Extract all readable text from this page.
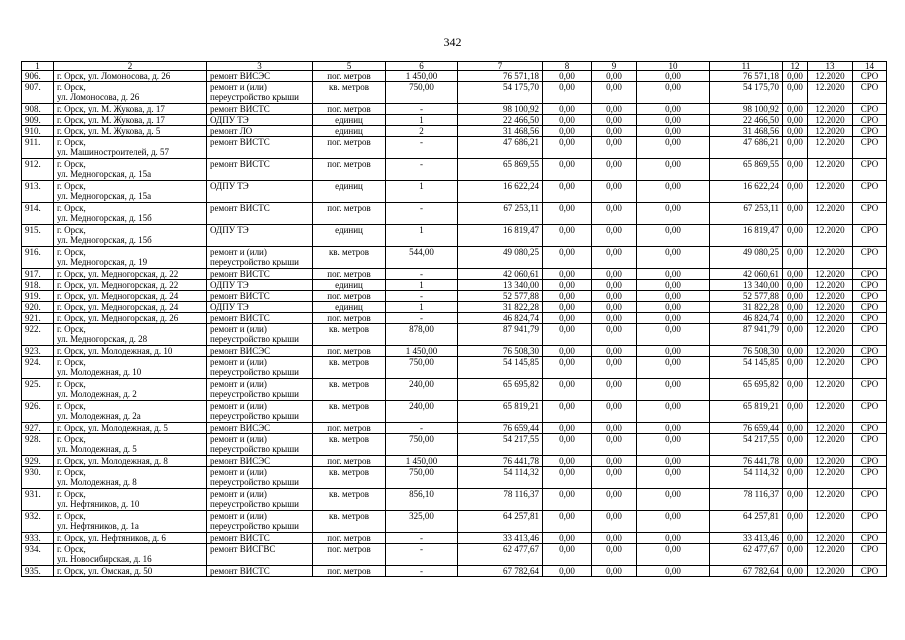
342
1	2	3	5	6	7	8	9	10	11	12	13	14
906.	г. Орск, ул. Ломоносова, д. 26	ремонт ВИСЭС	пог. метров	1 450,00	76 571,18	0,00	0,00	0,00	76 571,18	0,00	12.2020	СРО
907.	г. Орск,
ул. Ломоносова, д. 26	ремонт и (или)
переустройство крыши	кв. метров	750,00	54 175,70	0,00	0,00	0,00	54 175,70	0,00	12.2020	СРО
908.	г. Орск, ул. М. Жукова, д. 17	ремонт ВИСТС	пог. метров	-	98 100,92	0,00	0,00	0,00	98 100,92	0,00	12.2020	СРО
909.	г. Орск, ул. М. Жукова, д. 17	ОДПУ ТЭ	единиц	1	22 466,50	0,00	0,00	0,00	22 466,50	0,00	12.2020	СРО
910.	г. Орск, ул. М. Жукова, д. 5	ремонт ЛО	единиц	2	31 468,56	0,00	0,00	0,00	31 468,56	0,00	12.2020	СРО
911.	г. Орск,
ул. Машиностроителей, д. 57	ремонт ВИСТС	пог. метров	-	47 686,21	0,00	0,00	0,00	47 686,21	0,00	12.2020	СРО
912.	г. Орск,
ул. Медногорская, д. 15а	ремонт ВИСТС	пог. метров	-	65 869,55	0,00	0,00	0,00	65 869,55	0,00	12.2020	СРО
913.	г. Орск,
ул. Медногорская, д. 15а	ОДПУ ТЭ	единиц	1	16 622,24	0,00	0,00	0,00	16 622,24	0,00	12.2020	СРО
914.	г. Орск,
ул. Медногорская, д. 15б	ремонт ВИСТС	пог. метров	-	67 253,11	0,00	0,00	0,00	67 253,11	0,00	12.2020	СРО
915.	г. Орск,
ул. Медногорская, д. 15б	ОДПУ ТЭ	единиц	1	16 819,47	0,00	0,00	0,00	16 819,47	0,00	12.2020	СРО
916.	г. Орск,
ул. Медногорская, д. 19	ремонт и (или)
переустройство крыши	кв. метров	544,00	49 080,25	0,00	0,00	0,00	49 080,25	0,00	12.2020	СРО
917.	г. Орск, ул. Медногорская, д. 22	ремонт ВИСТС	пог. метров	-	42 060,61	0,00	0,00	0,00	42 060,61	0,00	12.2020	СРО
918.	г. Орск, ул. Медногорская, д. 22	ОДПУ ТЭ	единиц	1	13 340,00	0,00	0,00	0,00	13 340,00	0,00	12.2020	СРО
919.	г. Орск, ул. Медногорская, д. 24	ремонт ВИСТС	пог. метров	-	52 577,88	0,00	0,00	0,00	52 577,88	0,00	12.2020	СРО
920.	г. Орск, ул. Медногорская, д. 24	ОДПУ ТЭ	единиц	1	31 822,28	0,00	0,00	0,00	31 822,28	0,00	12.2020	СРО
921.	г. Орск, ул. Медногорская, д. 26	ремонт ВИСТС	пог. метров	-	46 824,74	0,00	0,00	0,00	46 824,74	0,00	12.2020	СРО
922.	г. Орск,
ул. Медногорская, д. 28	ремонт и (или)
переустройство крыши	кв. метров	878,00	87 941,79	0,00	0,00	0,00	87 941,79	0,00	12.2020	СРО
923.	г. Орск, ул. Молодежная, д. 10	ремонт ВИСЭС	пог. метров	1 450,00	76 508,30	0,00	0,00	0,00	76 508,30	0,00	12.2020	СРО
924.	г. Орск,
ул. Молодежная, д. 10	ремонт и (или)
переустройство крыши	кв. метров	750,00	54 145,85	0,00	0,00	0,00	54 145,85	0,00	12.2020	СРО
925.	г. Орск,
ул. Молодежная, д. 2	ремонт и (или)
переустройство крыши	кв. метров	240,00	65 695,82	0,00	0,00	0,00	65 695,82	0,00	12.2020	СРО
926.	г. Орск,
ул. Молодежная, д. 2а	ремонт и (или)
переустройство крыши	кв. метров	240,00	65 819,21	0,00	0,00	0,00	65 819,21	0,00	12.2020	СРО
927.	г. Орск, ул. Молодежная, д. 5	ремонт ВИСЭС	пог. метров	-	76 659,44	0,00	0,00	0,00	76 659,44	0,00	12.2020	СРО
928.	г. Орск,
ул. Молодежная, д. 5	ремонт и (или)
переустройство крыши	кв. метров	750,00	54 217,55	0,00	0,00	0,00	54 217,55	0,00	12.2020	СРО
929.	г. Орск, ул. Молодежная, д. 8	ремонт ВИСЭС	пог. метров	1 450,00	76 441,78	0,00	0,00	0,00	76 441,78	0,00	12.2020	СРО
930.	г. Орск,
ул. Молодежная, д. 8	ремонт и (или)
переустройство крыши	кв. метров	750,00	54 114,32	0,00	0,00	0,00	54 114,32	0,00	12.2020	СРО
931.	г. Орск,
ул. Нефтяников, д. 10	ремонт и (или)
переустройство крыши	кв. метров	856,10	78 116,37	0,00	0,00	0,00	78 116,37	0,00	12.2020	СРО
932.	г. Орск,
ул. Нефтяников, д. 1а	ремонт и (или)
переустройство крыши	кв. метров	325,00	64 257,81	0,00	0,00	0,00	64 257,81	0,00	12.2020	СРО
933.	г. Орск, ул. Нефтяников, д. 6	ремонт ВИСТС	пог. метров	-	33 413,46	0,00	0,00	0,00	33 413,46	0,00	12.2020	СРО
934.	г. Орск,
ул. Новосибирская, д. 16	ремонт ВИСГВС	пог. метров	-	62 477,67	0,00	0,00	0,00	62 477,67	0,00	12.2020	СРО
935.	г. Орск, ул. Омская, д. 50	ремонт ВИСТС	пог. метров	-	67 782,64	0,00	0,00	0,00	67 782,64	0,00	12.2020	СРО
